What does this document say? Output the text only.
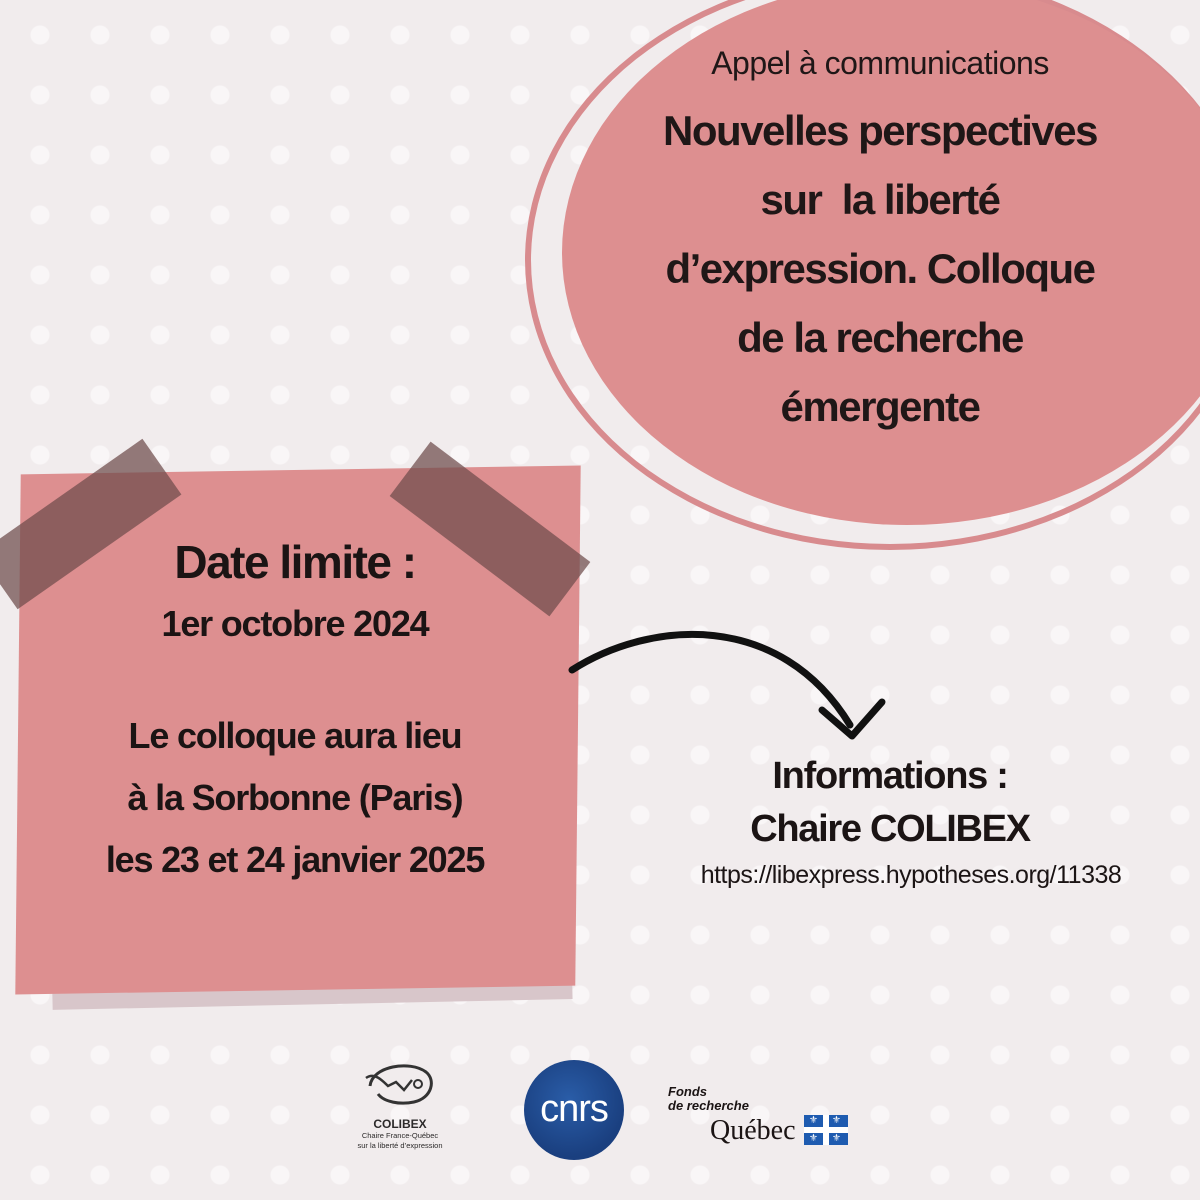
Appel à communications
Nouvelles perspectives
sur  la liberté
d’expression. Colloque
de la recherche
émergente
Date limite :
1er octobre 2024
Le colloque aura lieu
à la Sorbonne (Paris)
les 23 et 24 janvier 2025
Informations :
Chaire COLIBEX
https://libexpress.hypotheses.org/11338
COLIBEX
Chaire France-Québec
sur la liberté d’expression
cnrs	Fonds
de recherche
Québec ⚜ ⚜
⚜ ⚜
